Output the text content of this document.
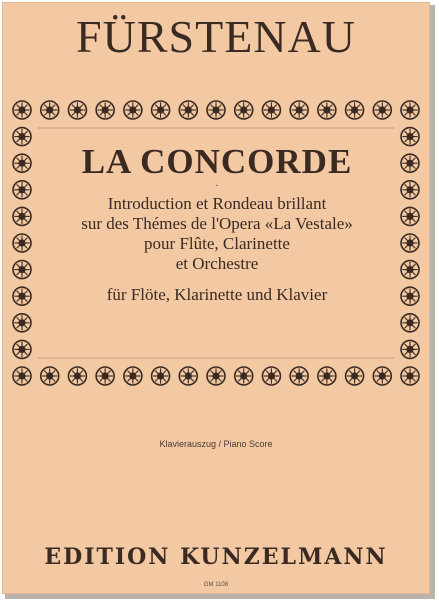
FÜRSTENAU
LA CONCORDE
·
Introduction et Rondeau brillant
sur des Thémes de l'Opera «La Vestale»
pour Flûte, Clarinette
et Orchestre
für Flöte, Klarinette und Klavier
Klavierauszug / Piano Score
EDITION KUNZELMANN
GM 1108
